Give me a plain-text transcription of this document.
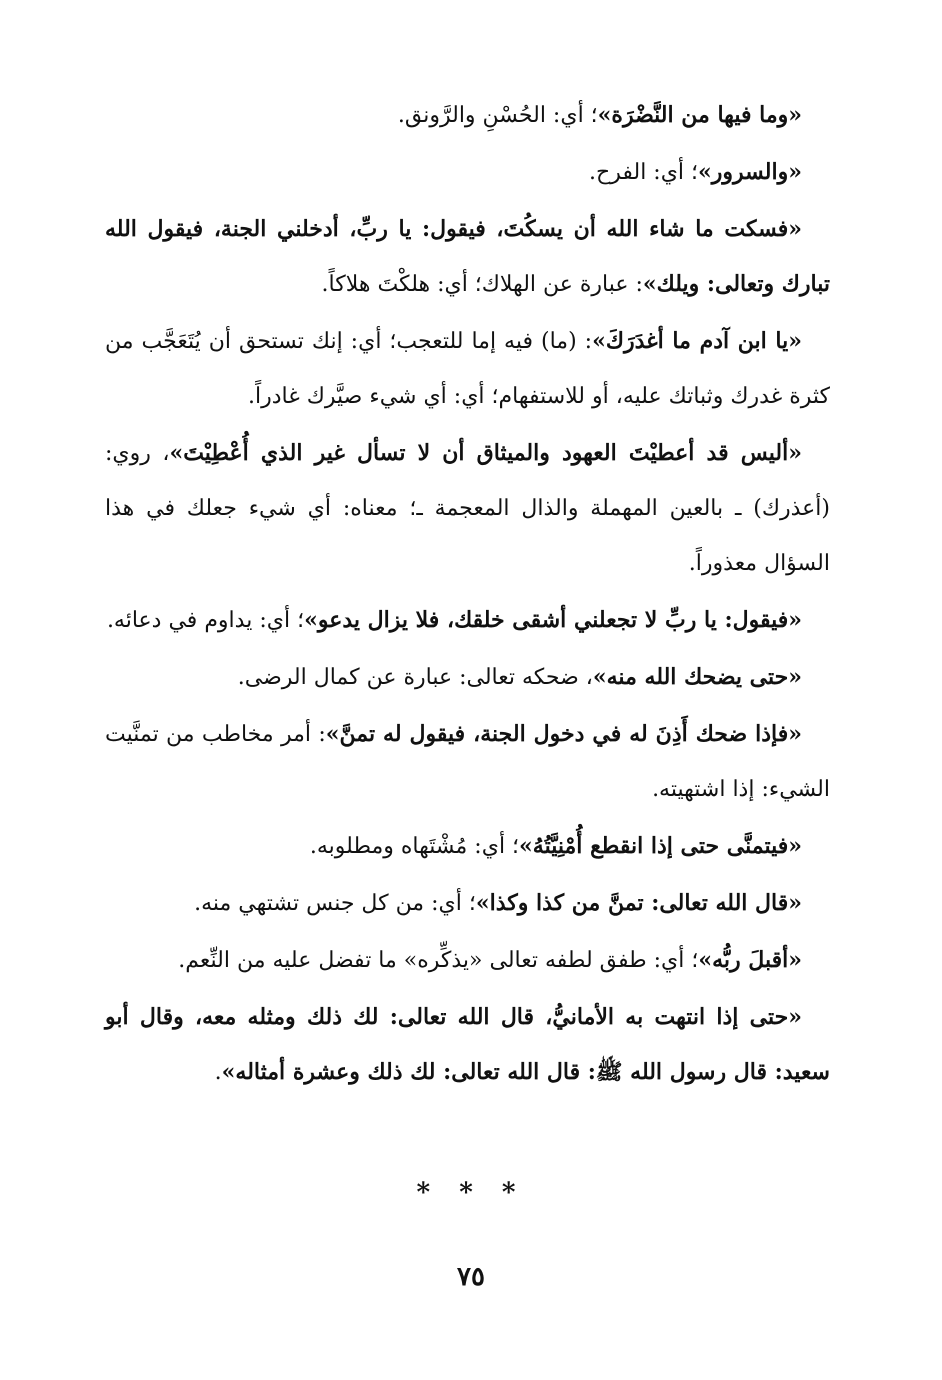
«وما فيها من النَّضْرَة»؛ أي: الحُسْنِ والرَّونق.

«والسرور»؛ أي: الفرح.

«فسكت ما شاء الله أن يسكُتَ، فيقول: يا ربِّ، أدخلني الجنة، فيقول الله تبارك وتعالى: ويلك»: عبارة عن الهلاك؛ أي: هلكْتَ هلاكاً.

«يا ابن آدم ما أغدَرَكَ»: (ما) فيه إما للتعجب؛ أي: إنك تستحق أن يُتَعَجَّب من كثرة غدرك وثباتك عليه، أو للاستفهام؛ أي: أي شيء صيَّرك غادراً.

«أليس قد أعطيْتَ العهود والميثاق أن لا تسأل غير الذي أُعْطِيْتَ»، روي: (أعذرك) ـ بالعين المهملة والذال المعجمة ـ؛ معناه: أي شيء جعلك في هذا السؤال معذوراً.

«فيقول: يا ربِّ لا تجعلني أشقى خلقك، فلا يزال يدعو»؛ أي: يداوم في دعائه.

«حتى يضحك الله منه»، ضحكه تعالى: عبارة عن كمال الرضى.

«فإذا ضحك أَذِنَ له في دخول الجنة، فيقول له تمنَّ»: أمر مخاطب من تمنَّيت الشيء: إذا اشتهيته.

«فيتمنَّى حتى إذا انقطع أُمْنِيَّتُهُ»؛ أي: مُشْتَهاه ومطلوبه.

«قال الله تعالى: تمنَّ من كذا وكذا»؛ أي: من كل جنس تشتهي منه.

«أقبلَ ربُّه»؛ أي: طفق لطفه تعالى «يذكِّره» ما تفضل عليه من النِّعم.

«حتى إذا انتهت به الأمانيُّ، قال الله تعالى: لك ذلك ومثله معه، وقال أبو سعيد: قال رسول الله ﷺ: قال الله تعالى: لك ذلك وعشرة أمثاله».

* * *
٧٥
